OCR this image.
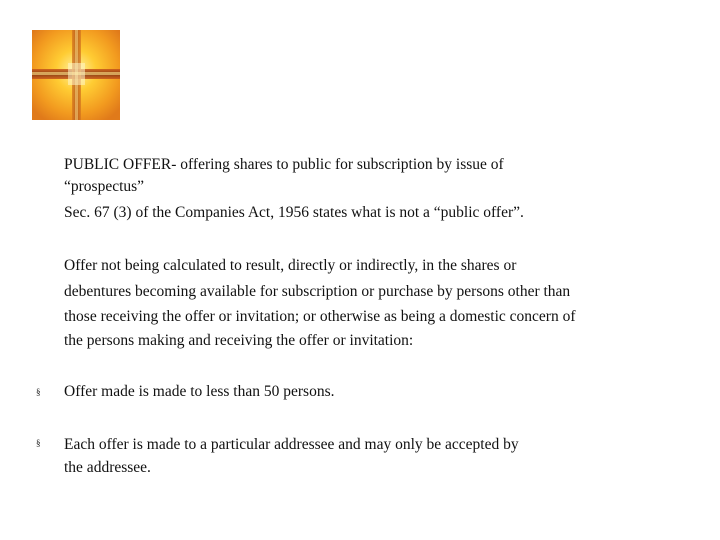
PUBLIC OFFER- offering shares to public for subscription by issue of

“prospectus”

Sec. 67 (3) of the Companies Act, 1956 states what is not a “public offer”.

Offer not being calculated to result, directly or indirectly, in the shares or

debentures becoming available for subscription or purchase by persons other than

those receiving the offer or invitation; or otherwise as being a domestic concern of

the persons making and receiving the offer or invitation:

§ Offer made is made to less than 50 persons.

§ Each offer is made to a particular addressee and may only be accepted by

the addressee.
